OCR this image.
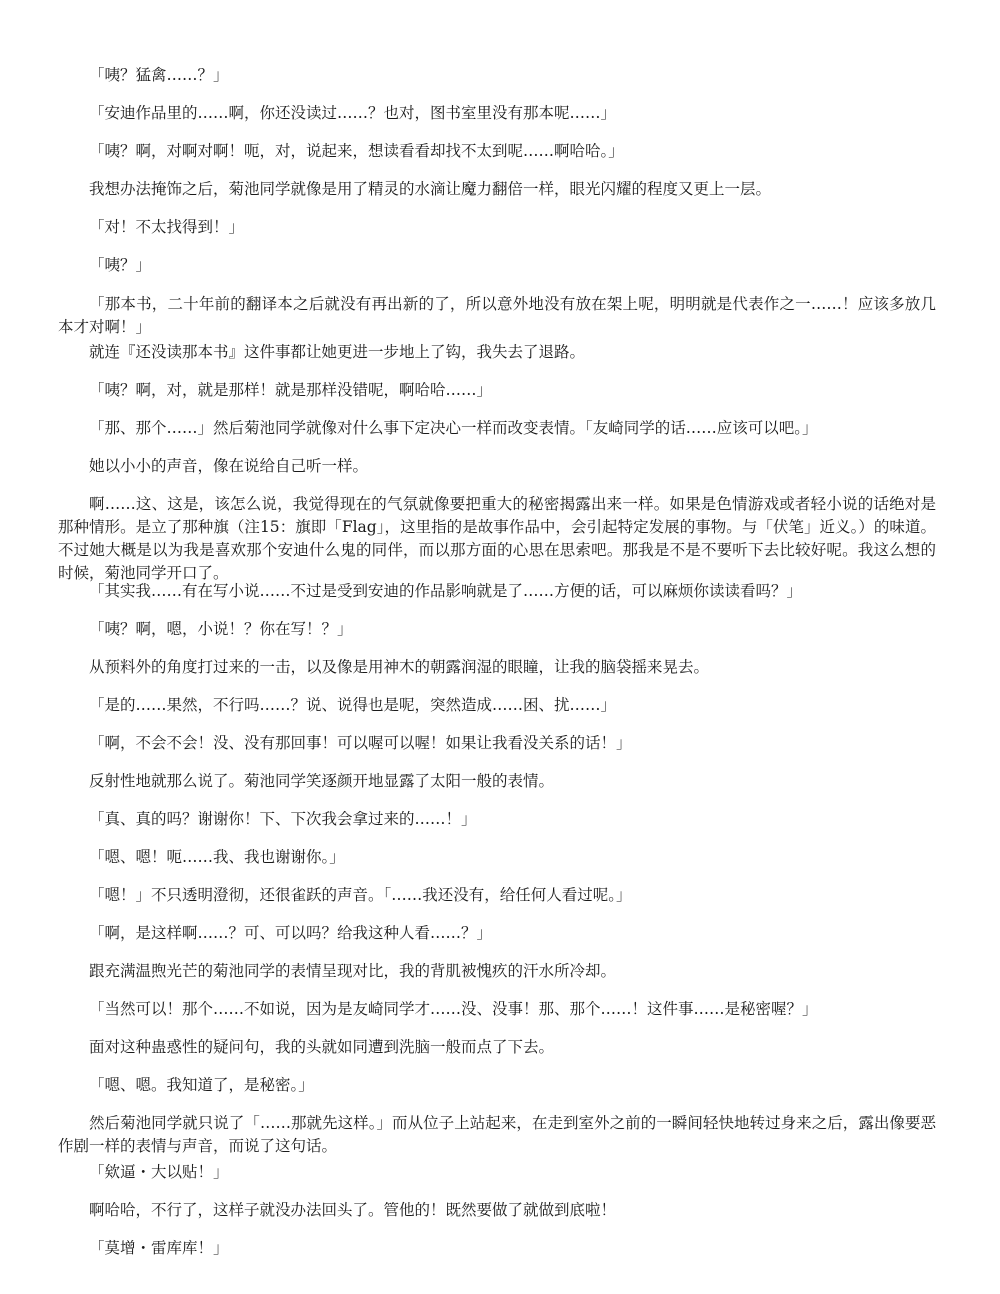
「咦？猛禽……？」

「安迪作品里的……啊，你还没读过……？也对，图书室里没有那本呢……」

「咦？啊，对啊对啊！呃，对，说起来，想读看看却找不太到呢……啊哈哈。」

我想办法掩饰之后，菊池同学就像是用了精灵的水滴让魔力翻倍一样，眼光闪耀的程度又更上一层。

「对！不太找得到！」

「咦？」

「那本书，二十年前的翻译本之后就没有再出新的了，所以意外地没有放在架上呢，明明就是代表作之一……！应该多放几本才对啊！」

就连『还没读那本书』这件事都让她更进一步地上了钩，我失去了退路。

「咦？啊，对，就是那样！就是那样没错呢，啊哈哈……」

「那、那个……」然后菊池同学就像对什么事下定决心一样而改变表情。「友崎同学的话……应该可以吧。」

她以小小的声音，像在说给自己听一样。

啊……这、这是，该怎么说，我觉得现在的气氛就像要把重大的秘密揭露出来一样。如果是色情游戏或者轻小说的话绝对是那种情形。是立了那种旗（注15：旗即「Flag」，这里指的是故事作品中，会引起特定发展的事物。与「伏笔」近义。）的味道。不过她大概是以为我是喜欢那个安迪什么鬼的同伴，而以那方面的心思在思索吧。那我是不是不要听下去比较好呢。我这么想的时候，菊池同学开口了。

「其实我……有在写小说……不过是受到安迪的作品影响就是了……方便的话，可以麻烦你读读看吗？」

「咦？啊，嗯，小说！？你在写！？」

从预料外的角度打过来的一击，以及像是用神木的朝露润湿的眼瞳，让我的脑袋摇来晃去。

「是的……果然，不行吗……？说、说得也是呢，突然造成……困、扰……」

「啊，不会不会！没、没有那回事！可以喔可以喔！如果让我看没关系的话！」

反射性地就那么说了。菊池同学笑逐颜开地显露了太阳一般的表情。

「真、真的吗？谢谢你！下、下次我会拿过来的……！」

「嗯、嗯！呃……我、我也谢谢你。」

「嗯！」不只透明澄彻，还很雀跃的声音。「……我还没有，给任何人看过呢。」

「啊，是这样啊……？可、可以吗？给我这种人看……？」

跟充满温煦光芒的菊池同学的表情呈现对比，我的背肌被愧疚的汗水所冷却。

「当然可以！那个……不如说，因为是友崎同学才……没、没事！那、那个……！这件事……是秘密喔？」

面对这种蛊惑性的疑问句，我的头就如同遭到洗脑一般而点了下去。

「嗯、嗯。我知道了，是秘密。」

然后菊池同学就只说了「……那就先这样。」而从位子上站起来，在走到室外之前的一瞬间轻快地转过身来之后，露出像要恶作剧一样的表情与声音，而说了这句话。

「欸逼・大以贴！」

啊哈哈，不行了，这样子就没办法回头了。管他的！既然要做了就做到底啦！

「莫增・雷库库！」
